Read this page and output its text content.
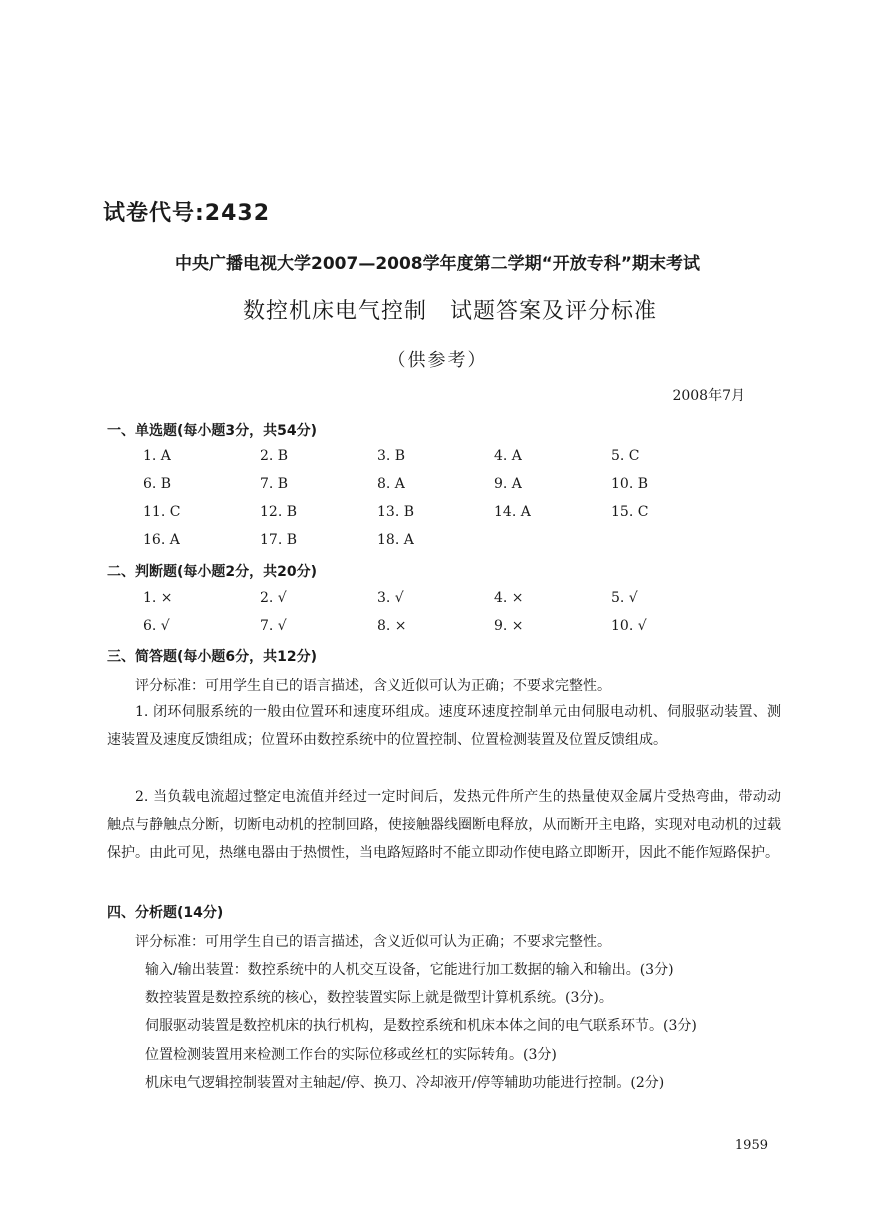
试卷代号:2432
中央广播电视大学2007—2008学年度第二学期“开放专科”期末考试
数控机床电气控制　试题答案及评分标准
（供参考）
2008年7月
一、单选题(每小题3分，共54分)
1. A	2. B	3. B	4. A	5. C
6. B	7. B	8. A	9. A	10. B
11. C	12. B	13. B	14. A	15. C
16. A	17. B	18. A
二、判断题(每小题2分，共20分)
1. ×	2. √	3. √	4. ×	5. √
6. √	7. √	8. ×	9. ×	10. √
三、简答题(每小题6分，共12分)
评分标准：可用学生自已的语言描述，含义近似可认为正确；不要求完整性。

1. 闭环伺服系统的一般由位置环和速度环组成。速度环速度控制单元由伺服电动机、伺服驱动装置、测速装置及速度反馈组成；位置环由数控系统中的位置控制、位置检测装置及位置反馈组成。

2. 当负载电流超过整定电流值并经过一定时间后，发热元件所产生的热量使双金属片受热弯曲，带动动触点与静触点分断，切断电动机的控制回路，使接触器线圈断电释放，从而断开主电路，实现对电动机的过载保护。由此可见，热继电器由于热惯性，当电路短路时不能立即动作使电路立即断开，因此不能作短路保护。

四、分析题(14分)
评分标准：可用学生自已的语言描述，含义近似可认为正确；不要求完整性。
输入/输出装置：数控系统中的人机交互设备，它能进行加工数据的输入和输出。(3分)
数控装置是数控系统的核心，数控装置实际上就是微型计算机系统。(3分)。
伺服驱动装置是数控机床的执行机构，是数控系统和机床本体之间的电气联系环节。(3分)
位置检测装置用来检测工作台的实际位移或丝杠的实际转角。(3分)
机床电气逻辑控制装置对主轴起/停、换刀、冷却液开/停等辅助功能进行控制。(2分)
1959
